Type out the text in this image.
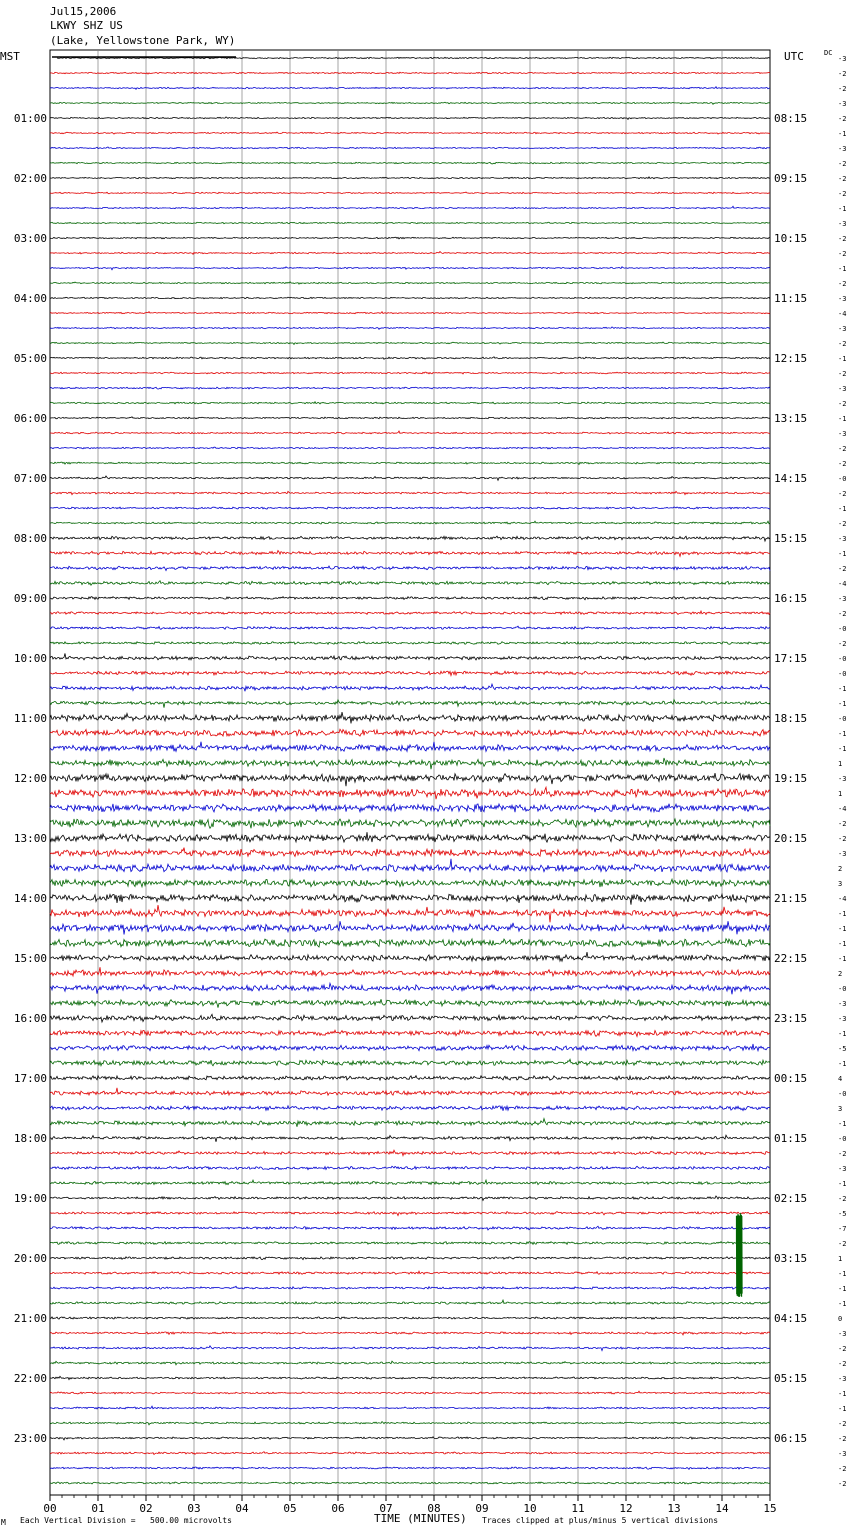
00	01	02	03	04	05	06	07	08	09	10	11	12	13	14	15
-3
-2
-2
-3
-2
-1
-3
-2
-2
-2
-1
-3
-2
-2
-1
-2
-3
-4
-3
-2
-1
-2
-3
-2
-1
-3
-2
-2
-0
-2
-1
-2
-3
-1
-2
-4
-3
-2
-0
-2
-0
-0
-1
-1
-0
-1
-1
1
-3
1
-4
-2
-2
-3
2
3
-4
-1
-1
-1
-1
2
-0
-3
-3
-1
-5
-1
4
-0
3
-1
-0
-2
-3
-1
-2
-5
-7
-2
1
-1
-1
-1
0
-3
-2
-2
-3
-1
-1
-2
-2
-3
-2
-2
01:00
02:00
03:00
04:00
05:00
06:00
07:00
08:00
09:00
10:00
11:00
12:00
13:00
14:00
15:00
16:00
17:00
18:00
19:00
20:00
21:00
22:00
23:00
08:15
09:15
10:15
11:15
12:15
13:15
14:15
15:15
16:15
17:15
18:15
19:15
20:15
21:15
22:15
23:15
00:15
01:15
02:15
03:15
04:15
05:15
06:15
Jul15,2006
LKWY SHZ US
(Lake, Yellowstone Park, WY)
MST	UTC	DC
M Each Vertical Division =   500.00 microvolts	TIME (MINUTES) Traces clipped at plus/minus 5 vertical divisions
